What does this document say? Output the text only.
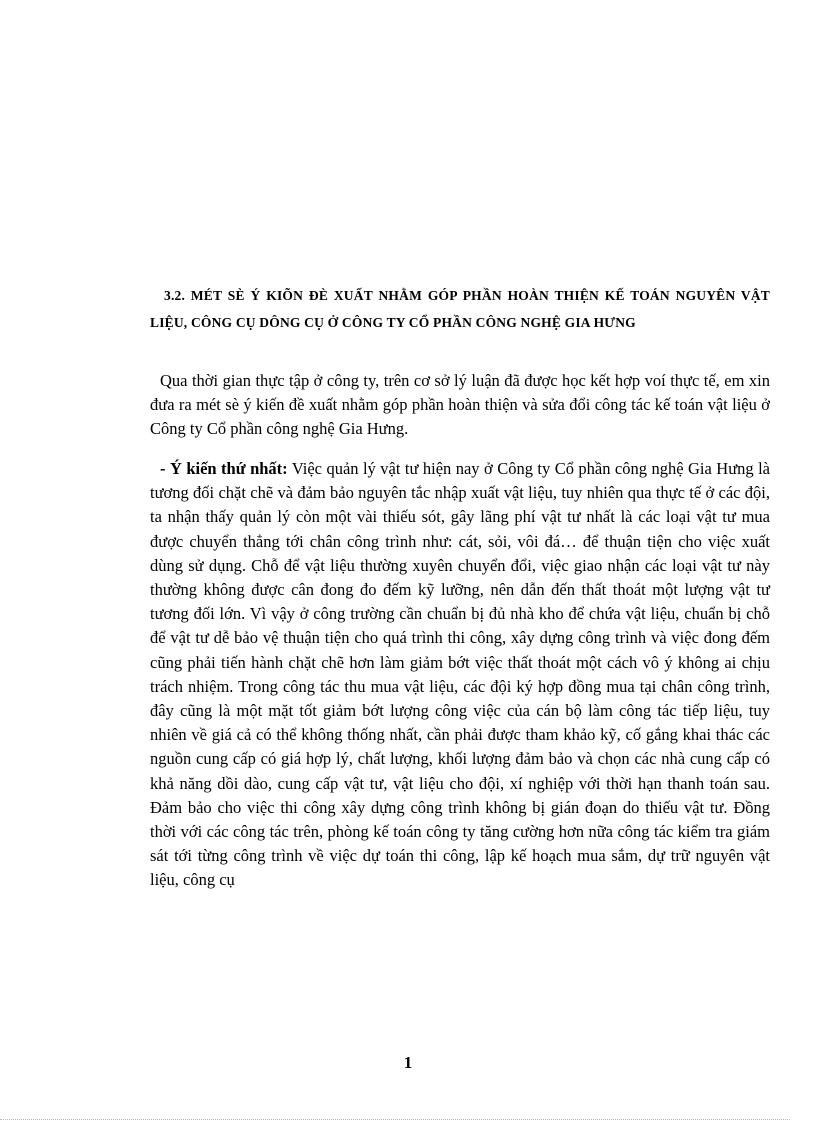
3.2. MÉT SÈ Ý KIÕN ĐÈ XUẤT NHẰM GÓP PHẦN HOÀN THIỆN KẾ TOÁN NGUYÊN VẬT LIỆU, CÔNG CỤ DÔNG CỤ Ở CÔNG TY CỔ PHẦN CÔNG NGHỆ GIA HƯNG

Qua thời gian thực tập ở công ty, trên cơ sở lý luận đã được học kết hợp voí thực tế, em xin đưa ra mét sè ý kiến đề xuất nhằm góp phần hoàn thiện và sửa đổi công tác kế toán vật liệu ở Công ty Cổ phần công nghệ Gia Hưng.

- Ý kiến thứ nhất: Việc quản lý vật tư hiện nay ở Công ty Cổ phần công nghệ Gia Hưng là tương đối chặt chẽ và đảm bảo nguyên tắc nhập xuất vật liệu, tuy nhiên qua thực tế ở các đội, ta nhận thấy quản lý còn một vài thiếu sót, gây lãng phí vật tư nhất là các loại vật tư mua được chuyển thẳng tới chân công trình như: cát, sỏi, vôi đá… để thuận tiện cho việc xuất dùng sử dụng. Chỗ để vật liệu thường xuyên chuyển đổi, việc giao nhận các loại vật tư này thường không được cân đong đo đếm kỹ lưỡng, nên dẫn đến thất thoát một lượng vật tư tương đối lớn. Vì vậy ở công trường cần chuẩn bị đủ nhà kho để chứa vật liệu, chuẩn bị chỗ để vật tư dễ bảo vệ thuận tiện cho quá trình thi công, xây dựng công trình và việc đong đếm cũng phải tiến hành chặt chẽ hơn làm giảm bớt việc thất thoát một cách vô ý không ai chịu trách nhiệm. Trong công tác thu mua vật liệu, các đội ký hợp đồng mua tại chân công trình, đây cũng là một mặt tốt giảm bớt lượng công việc của cán bộ làm công tác tiếp liệu, tuy nhiên về giá cả có thể không thống nhất, cần phải được tham khảo kỹ, cố gắng khai thác các nguồn cung cấp có giá hợp lý, chất lượng, khối lượng đảm bảo và chọn các nhà cung cấp có khả năng dồi dào, cung cấp vật tư, vật liệu cho đội, xí nghiệp với thời hạn thanh toán sau. Đảm bảo cho việc thi công xây dựng công trình không bị gián đoạn do thiếu vật tư. Đồng thời với các công tác trên, phòng kế toán công ty tăng cường hơn nữa công tác kiểm tra giám sát tới từng công trình về việc dự toán thi công, lập kế hoạch mua sắm, dự trữ nguyên vật liệu, công cụ

1
